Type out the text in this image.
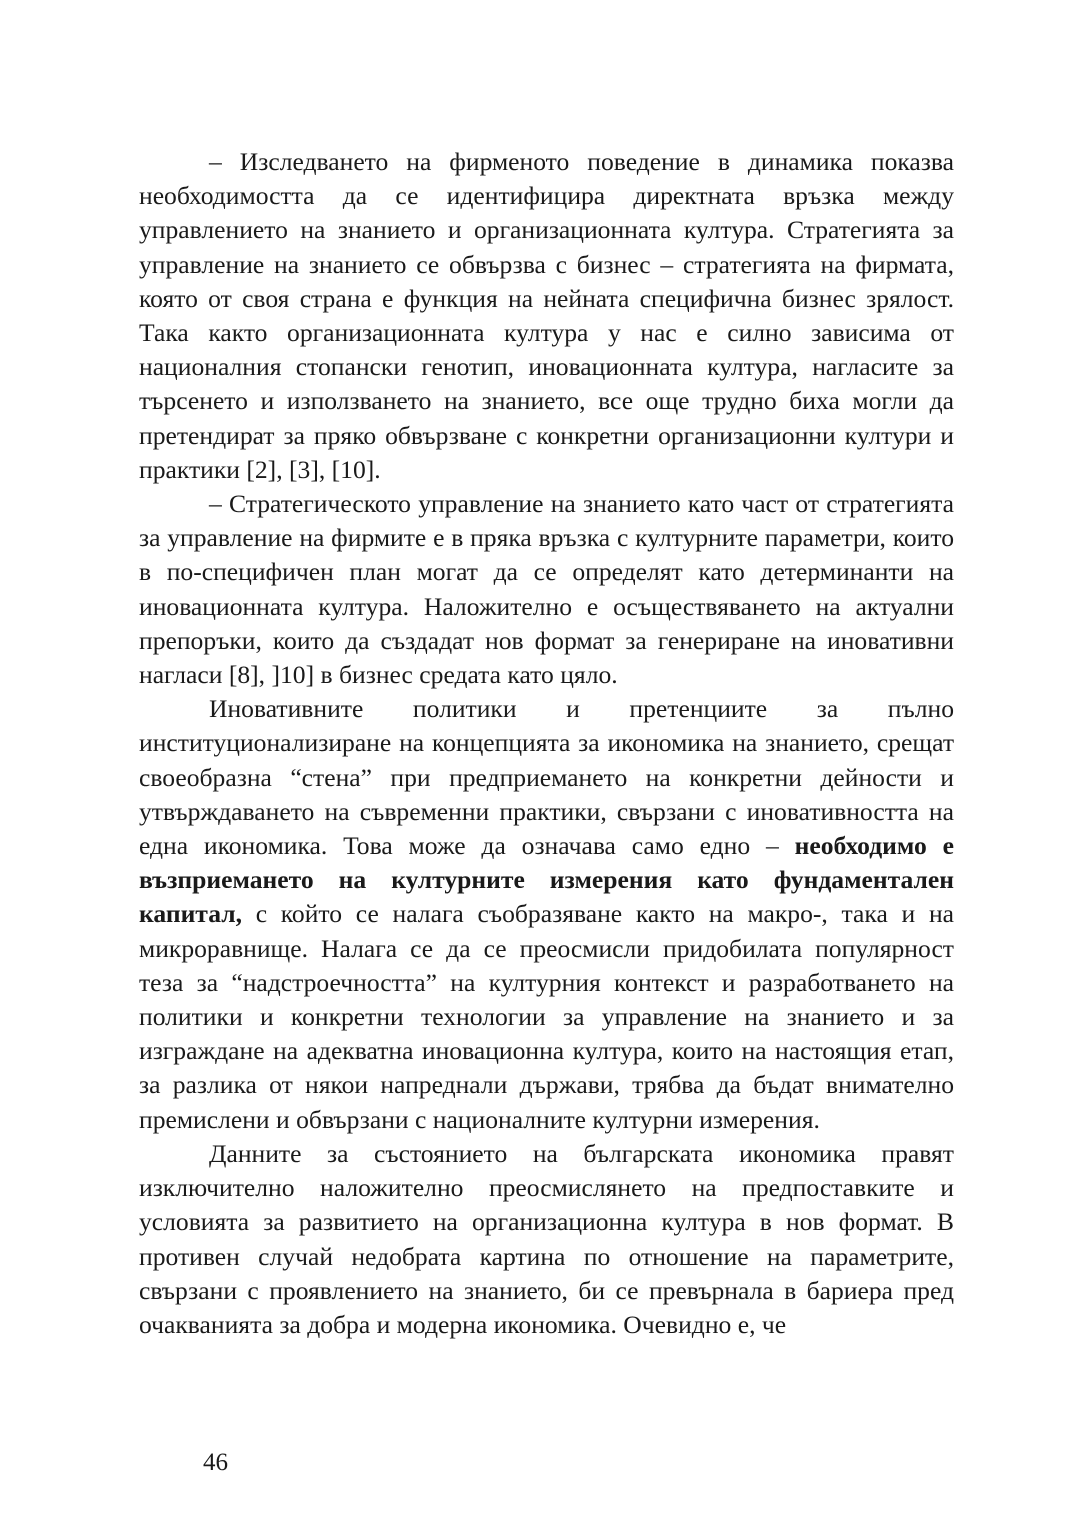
– Изследването на фирменото поведение в динамика показва необходимостта да се идентифицира директната връзка между управлението на знанието и организационната култура. Стратегията за управление на знанието се обвързва с бизнес – стратегията на фирмата, която от своя страна е функция на нейната специфична бизнес зрялост. Така както организационната култура у нас е силно зависима от националния стопански генотип, иновационната култура, нагласите за търсенето и използването на знанието, все още трудно биха могли да претендират за пряко обвързване с конкретни организационни култури и практики [2], [3], [10].

– Стратегическото управление на знанието като част от стратегията за управление на фирмите е в пряка връзка с културните параметри, които в по-специфичен план могат да се определят като детерминанти на иновационната култура. Наложително е осъществяването на актуални препоръки, които да създадат нов формат за генериране на иновативни нагласи [8], ]10] в бизнес средата като цяло.

Иновативните политики и претенциите за пълно институционализиране на концепцията за икономика на знанието, срещат своеобразна “стена” при предприемането на конкретни дейности и утвърждаването на съвременни практики, свързани с иновативността на една икономика. Това може да означава само едно – необходимо е възприемането на културните измерения като фундаментален капитал, с който се налага съобразяване както на макро-, така и на микроравнище. Налага се да се преосмисли придобилата популярност теза за “надстроечността” на културния контекст и разработването на политики и конкретни технологии за управление на знанието и за изграждане на адекватна иновационна култура, които на настоящия етап, за разлика от някои напреднали държави, трябва да бъдат внимателно премислени и обвързани с националните културни измерения.

Данните за състоянието на българската икономика правят изключително наложително преосмислянето на предпоставките и условията за развитието на организационна култура в нов формат. В противен случай недобрата картина по отношение на параметрите, свързани с проявлението на знанието, би се превърнала в бариера пред очакванията за добра и модерна икономика. Очевидно е, че

46
